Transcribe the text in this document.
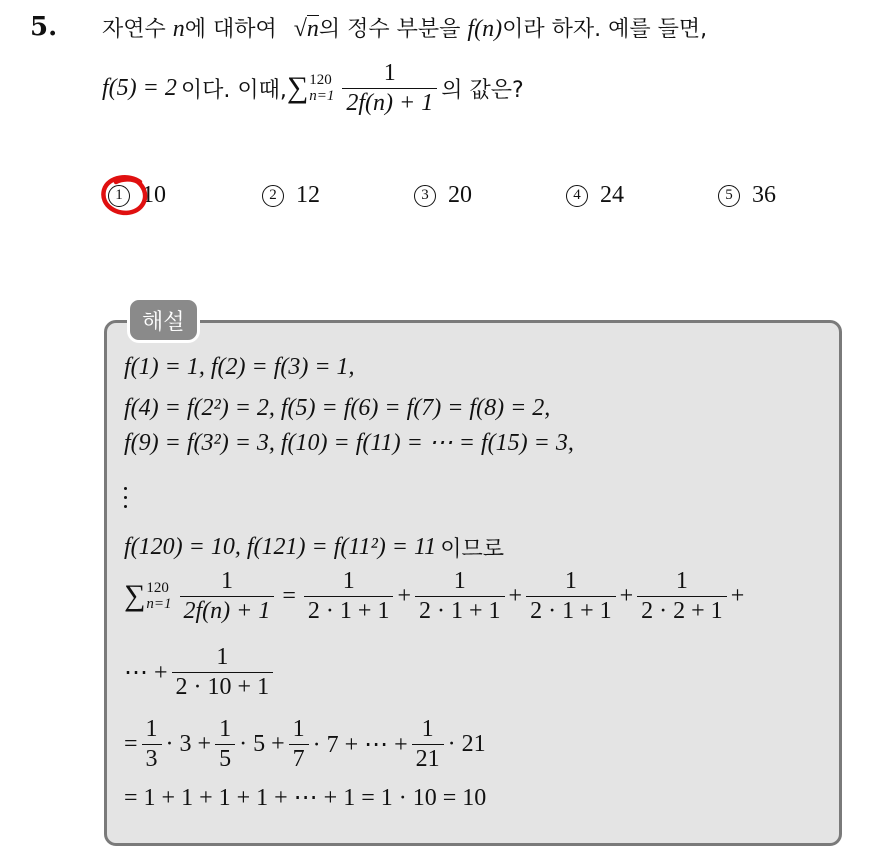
5. 자연수 n에 대하여 √n의 정수 부분을 f(n)이라 하자. 예를 들면,
f(5) = 2 이다. 이때, ∑ 120
$n=1 \frac{1}{2f(n) + 1}$ 의 값은?
1 10	2 12	3 20	4 24	5 36
해설
f(1) = 1, f(2) = f(3) = 1,
f(4) = f(2²) = 2, f(5) = f(6) = f(7) = f(8) = 2,
f(9) = f(3²) = 3, f(10) = f(11) = ⋯ = f(15) = 3,
f(120) = 10, f(121) = f(11²) = 11 이므로
∑ 120
$n=1 \frac{1}{2f(n) + 1} = \frac{1}{2 \cdot 1 + 1} + \frac{1}{2 \cdot 1 + 1} + \frac{1}{2 \cdot 1 + 1} + \frac{1}{2 \cdot 2 + 1}$ +
⋯ + $\frac{1}{2 \cdot 10 + 1}$
= $\frac{1}{3} \cdot 3 + \frac{1}{5} \cdot 5 + \frac{1}{7} \cdot 7$ + ⋯ + $\frac{1}{21} \cdot 21$
= 1 + 1 + 1 + 1 + ⋯ + 1 = 1 · 10 = 10
